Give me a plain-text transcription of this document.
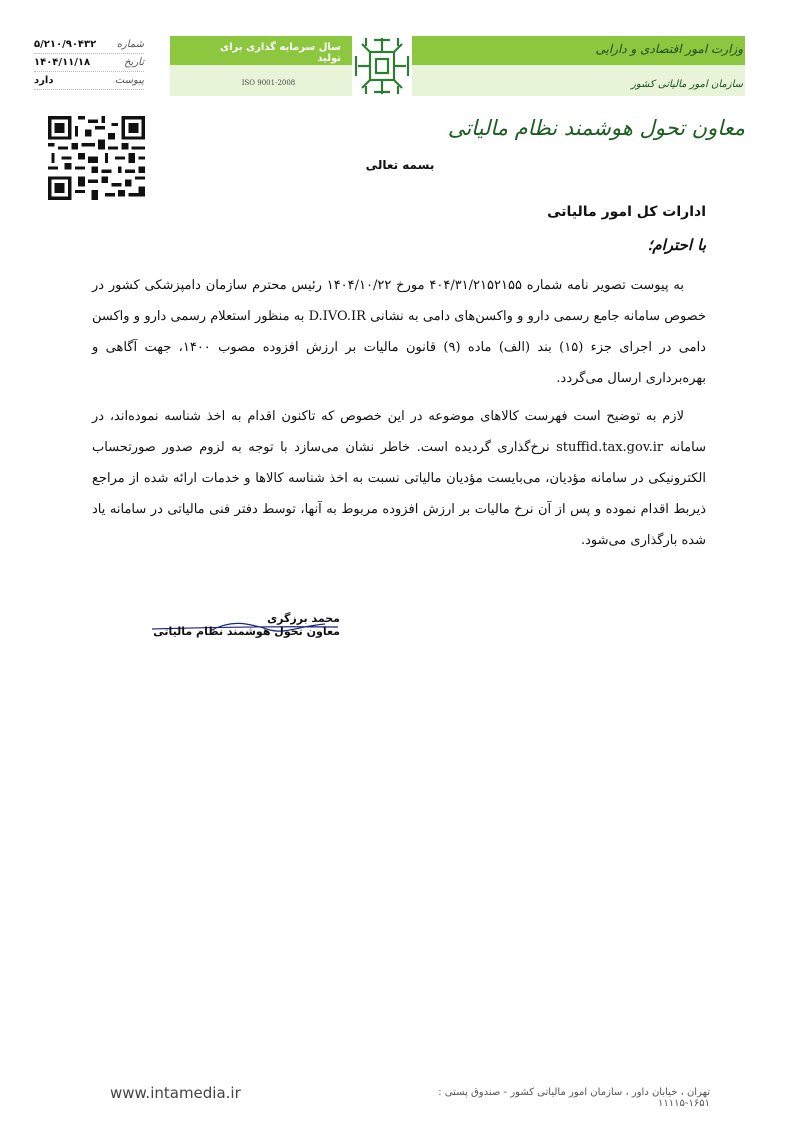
شماره
۵/۲۱۰/۹۰۴۳۲
تاریخ
۱۴۰۴/۱۱/۱۸
پیوست
دارد
سال سرمایه گذاری برای تولید
ISO 9001-2008
وزارت امور اقتصادی و دارایی
سازمان امور مالیاتی کشور
معاون تحول هوشمند نظام مالیاتی
بسمه تعالی
ادارات کل امور مالیاتی
با احترام؛

به پیوست تصویر نامه شماره ۴۰۴/۳۱/۲۱۵۲۱۵۵ مورخ ۱۴۰۴/۱۰/۲۲ رئیس محترم سازمان دامپزشکی کشور در خصوص سامانه جامع رسمی دارو و واکسن‌های دامی به نشانی D.IVO.IR به منظور استعلام رسمی دارو و واکسن دامی در اجرای جزء (۱۵) بند (الف) ماده (۹) قانون مالیات بر ارزش افزوده مصوب ۱۴۰۰، جهت آگاهی و بهره‌برداری ارسال می‌گردد.

لازم به توضیح است فهرست کالاهای موضوعه در این خصوص که تاکنون اقدام به اخذ شناسه نموده‌اند، در سامانه stuffid.tax.gov.ir نرخ‌گذاری گردیده است. خاطر نشان می‌سازد با توجه به لزوم صدور صورتحساب الکترونیکی در سامانه مؤدیان، می‌بایست مؤدیان مالیاتی نسبت به اخذ شناسه کالاها و خدمات ارائه شده از مراجع ذیربط اقدام نموده و پس از آن نرخ مالیات بر ارزش افزوده مربوط به آنها، توسط دفتر فنی مالیاتی در سامانه یاد شده بارگذاری می‌شود.

محمد برزگری
معاون تحول هوشمند نظام مالیاتی
تهران ، خیابان داور ، سازمان امور مالیاتی کشور - صندوق پستی : ۱۶۵۱-۱۱۱۱۵
www.intamedia.ir
